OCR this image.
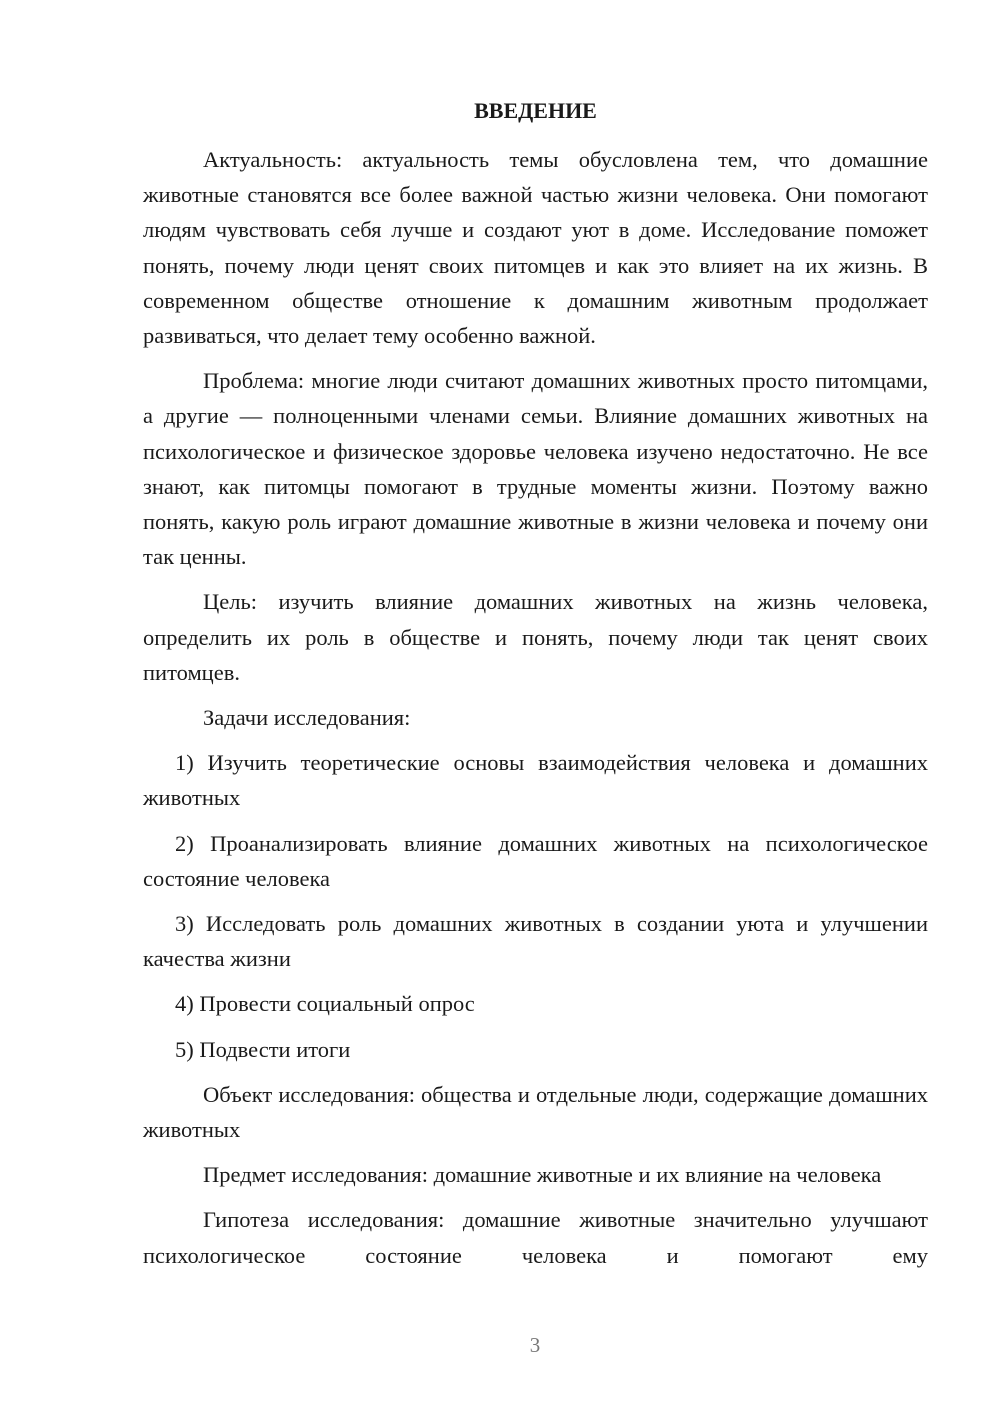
ВВЕДЕНИЕ

Актуальность: актуальность темы обусловлена тем, что домашние животные становятся все более важной частью жизни человека. Они помогают людям чувствовать себя лучше и создают уют в доме. Исследование поможет понять, почему люди ценят своих питомцев и как это влияет на их жизнь. В современном обществе отношение к домашним животным продолжает развиваться, что делает тему особенно важной.

Проблема: многие люди считают домашних животных просто питомцами, а другие — полноценными членами семьи. Влияние домашних животных на психологическое и физическое здоровье человека изучено недостаточно. Не все знают, как питомцы помогают в трудные моменты жизни. Поэтому важно понять, какую роль играют домашние животные в жизни человека и почему они так ценны.

Цель: изучить влияние домашних животных на жизнь человека, определить их роль в обществе и понять, почему люди так ценят своих питомцев.

Задачи исследования:

1) Изучить теоретические основы взаимодействия человека и домашних животных

2) Проанализировать влияние домашних животных на психологическое состояние человека

3) Исследовать роль домашних животных в создании уюта и улучшении качества жизни

4) Провести социальный опрос

5) Подвести итоги

Объект исследования: общества и отдельные люди, содержащие домашних животных

Предмет исследования: домашние животные и их влияние на человека

Гипотеза исследования: домашние животные значительно улучшают психологическое состояние человека и помогают ему

3
